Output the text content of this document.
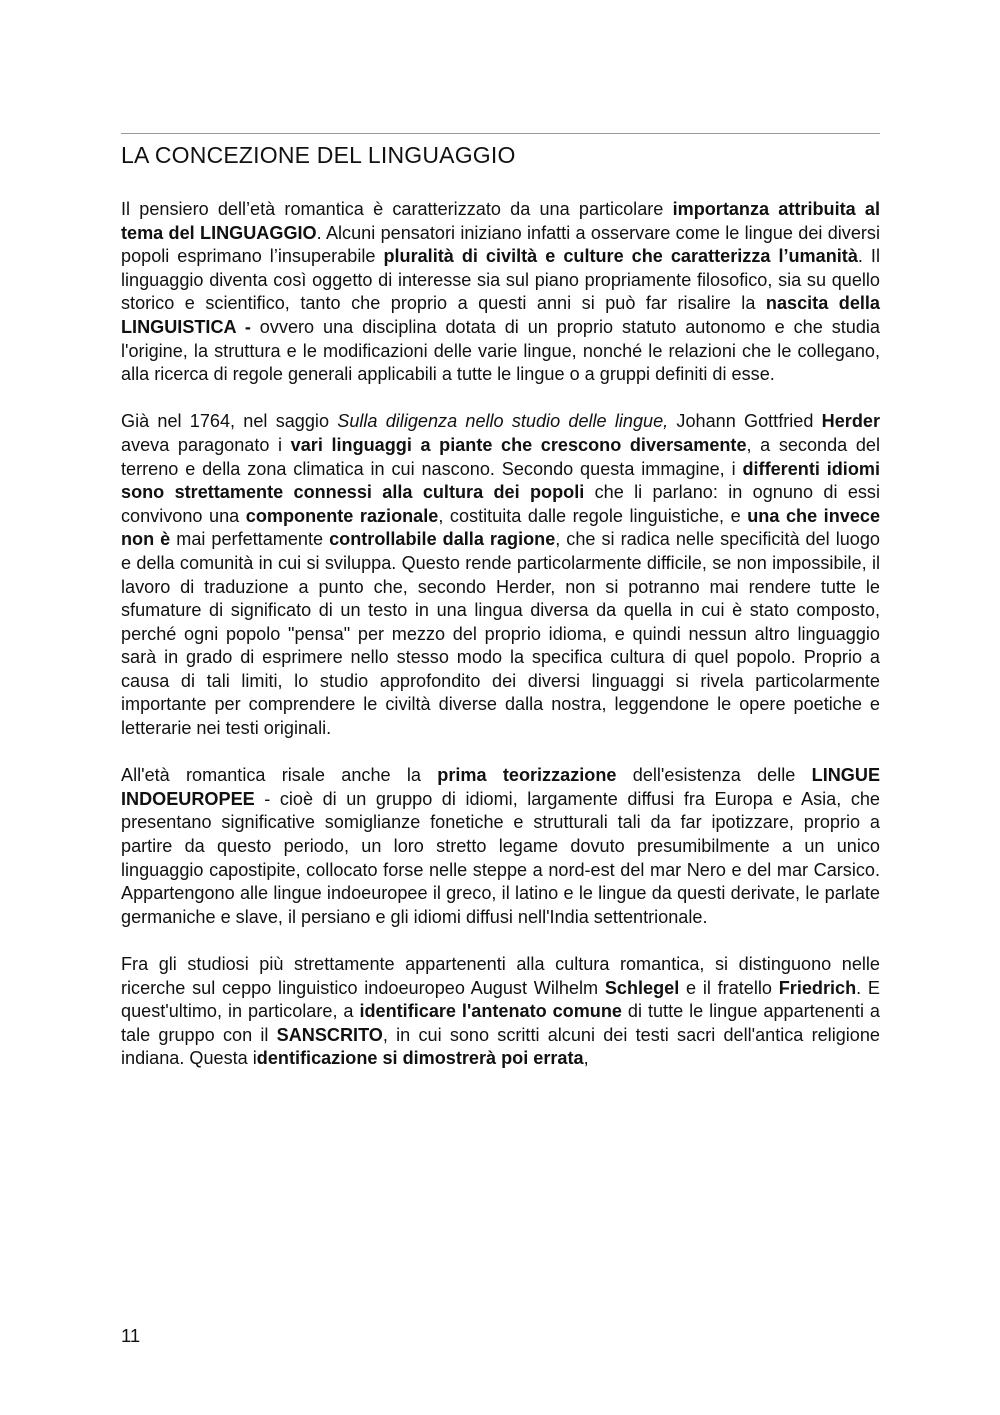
LA CONCEZIONE DEL LINGUAGGIO

Il pensiero dell’età romantica è caratterizzato da una particolare importanza attribuita al tema del LINGUAGGIO. Alcuni pensatori iniziano infatti a osservare come le lingue dei diversi popoli esprimano l’insuperabile pluralità di civiltà e culture che caratterizza l’umanità. Il linguaggio diventa così oggetto di interesse sia sul piano propriamente filosofico, sia su quello storico e scientifico, tanto che proprio a questi anni si può far risalire la nascita della LINGUISTICA - ovvero una disciplina dotata di un proprio statuto autonomo e che studia l'origine, la struttura e le modificazioni delle varie lingue, nonché le relazioni che le collegano, alla ricerca di regole generali applicabili a tutte le lingue o a gruppi definiti di esse.

Già nel 1764, nel saggio Sulla diligenza nello studio delle lingue, Johann Gottfried Herder aveva paragonato i vari linguaggi a piante che crescono diversamente, a seconda del terreno e della zona climatica in cui nascono. Secondo questa immagine, i differenti idiomi sono strettamente connessi alla cultura dei popoli che li parlano: in ognuno di essi convivono una componente razionale, costituita dalle regole linguistiche, e una che invece non è mai perfettamente controllabile dalla ragione, che si radica nelle specificità del luogo e della comunità in cui si sviluppa. Questo rende particolarmente difficile, se non impossibile, il lavoro di traduzione a punto che, secondo Herder, non si potranno mai rendere tutte le sfumature di significato di un testo in una lingua diversa da quella in cui è stato composto, perché ogni popolo "pensa" per mezzo del proprio idioma, e quindi nessun altro linguaggio sarà in grado di esprimere nello stesso modo la specifica cultura di quel popolo. Proprio a causa di tali limiti, lo studio approfondito dei diversi linguaggi si rivela particolarmente importante per comprendere le civiltà diverse dalla nostra, leggendone le opere poetiche e letterarie nei testi originali.

All'età romantica risale anche la prima teorizzazione dell'esistenza delle LINGUE INDOEUROPEE - cioè di un gruppo di idiomi, largamente diffusi fra Europa e Asia, che presentano significative somiglianze fonetiche e strutturali tali da far ipotizzare, proprio a partire da questo periodo, un loro stretto legame dovuto presumibilmente a un unico linguaggio capostipite, collocato forse nelle steppe a nord-est del mar Nero e del mar Carsico. Appartengono alle lingue indoeuropee il greco, il latino e le lingue da questi derivate, le parlate germaniche e slave, il persiano e gli idiomi diffusi nell'India settentrionale.

Fra gli studiosi più strettamente appartenenti alla cultura romantica, si distinguono nelle ricerche sul ceppo linguistico indoeuropeo August Wilhelm Schlegel e il fratello Friedrich. E quest'ultimo, in particolare, a identificare l'antenato comune di tutte le lingue appartenenti a tale gruppo con il SANSCRITO, in cui sono scritti alcuni dei testi sacri dell'antica religione indiana. Questa identificazione si dimostrerà poi errata,

11
